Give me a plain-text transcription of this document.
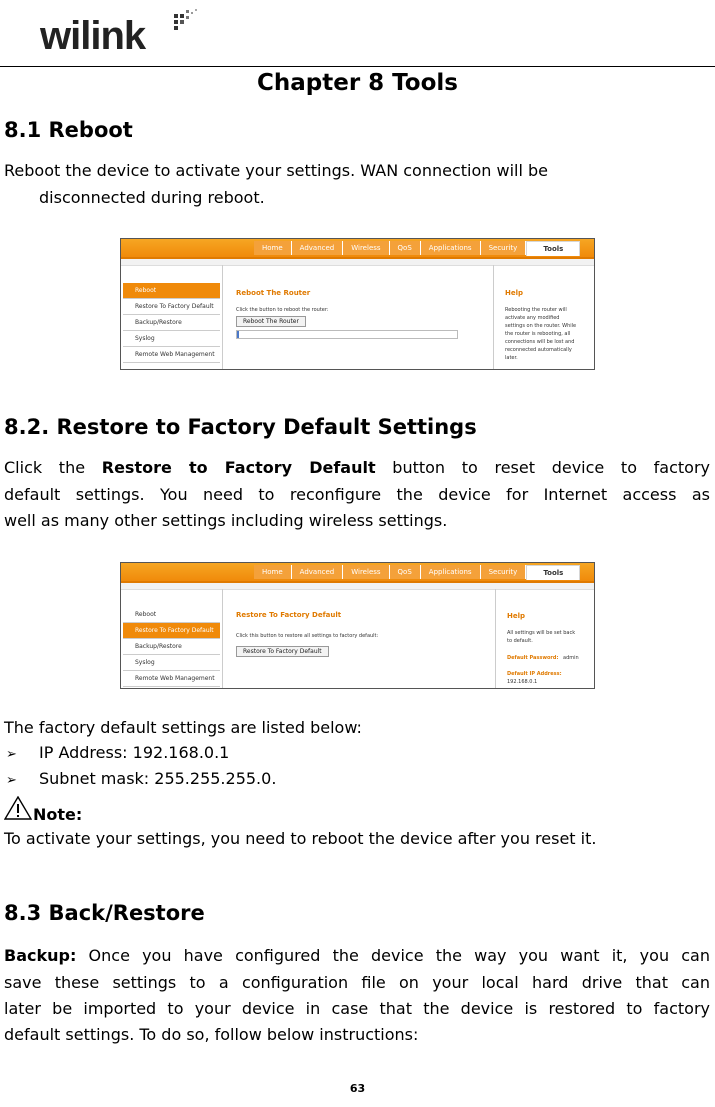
wilink
Chapter 8 Tools
8.1 Reboot
Reboot the device to activate your settings. WAN connection will be
disconnected during reboot.
Home	Advanced	Wireless	QoS	Applications	Security	Tools
Reboot
Restore To Factory Default
Backup/Restore
Syslog
Remote Web Management
Reboot The Router
Click the button to reboot the router:
Reboot The Router
Help
Rebooting the router will
activate any modified
settings on the router. While
the router is rebooting, all
connections will be lost and
reconnected automatically
later.
8.2. Restore to Factory Default Settings
Click the Restore to Factory Default button to reset device to factory
default settings. You need to reconfigure the device for Internet access as
well as many other settings including wireless settings.
Home	Advanced	Wireless	QoS	Applications	Security	Tools
Reboot
Restore To Factory Default
Backup/Restore
Syslog
Remote Web Management
Restore To Factory Default
Click this button to restore all settings to factory default:
Restore To Factory Default
Help
All settings will be set back
to default.
Default Password: admin
Default IP Address:
192.168.0.1
The factory default settings are listed below:
➢ IP Address: 192.168.0.1
➢ Subnet mask: 255.255.255.0.
Note:
To activate your settings, you need to reboot the device after you reset it.
8.3 Back/Restore
Backup: Once you have configured the device the way you want it, you can
save these settings to a configuration file on your local hard drive that can
later be imported to your device in case that the device is restored to factory
default settings. To do so, follow below instructions:
63
